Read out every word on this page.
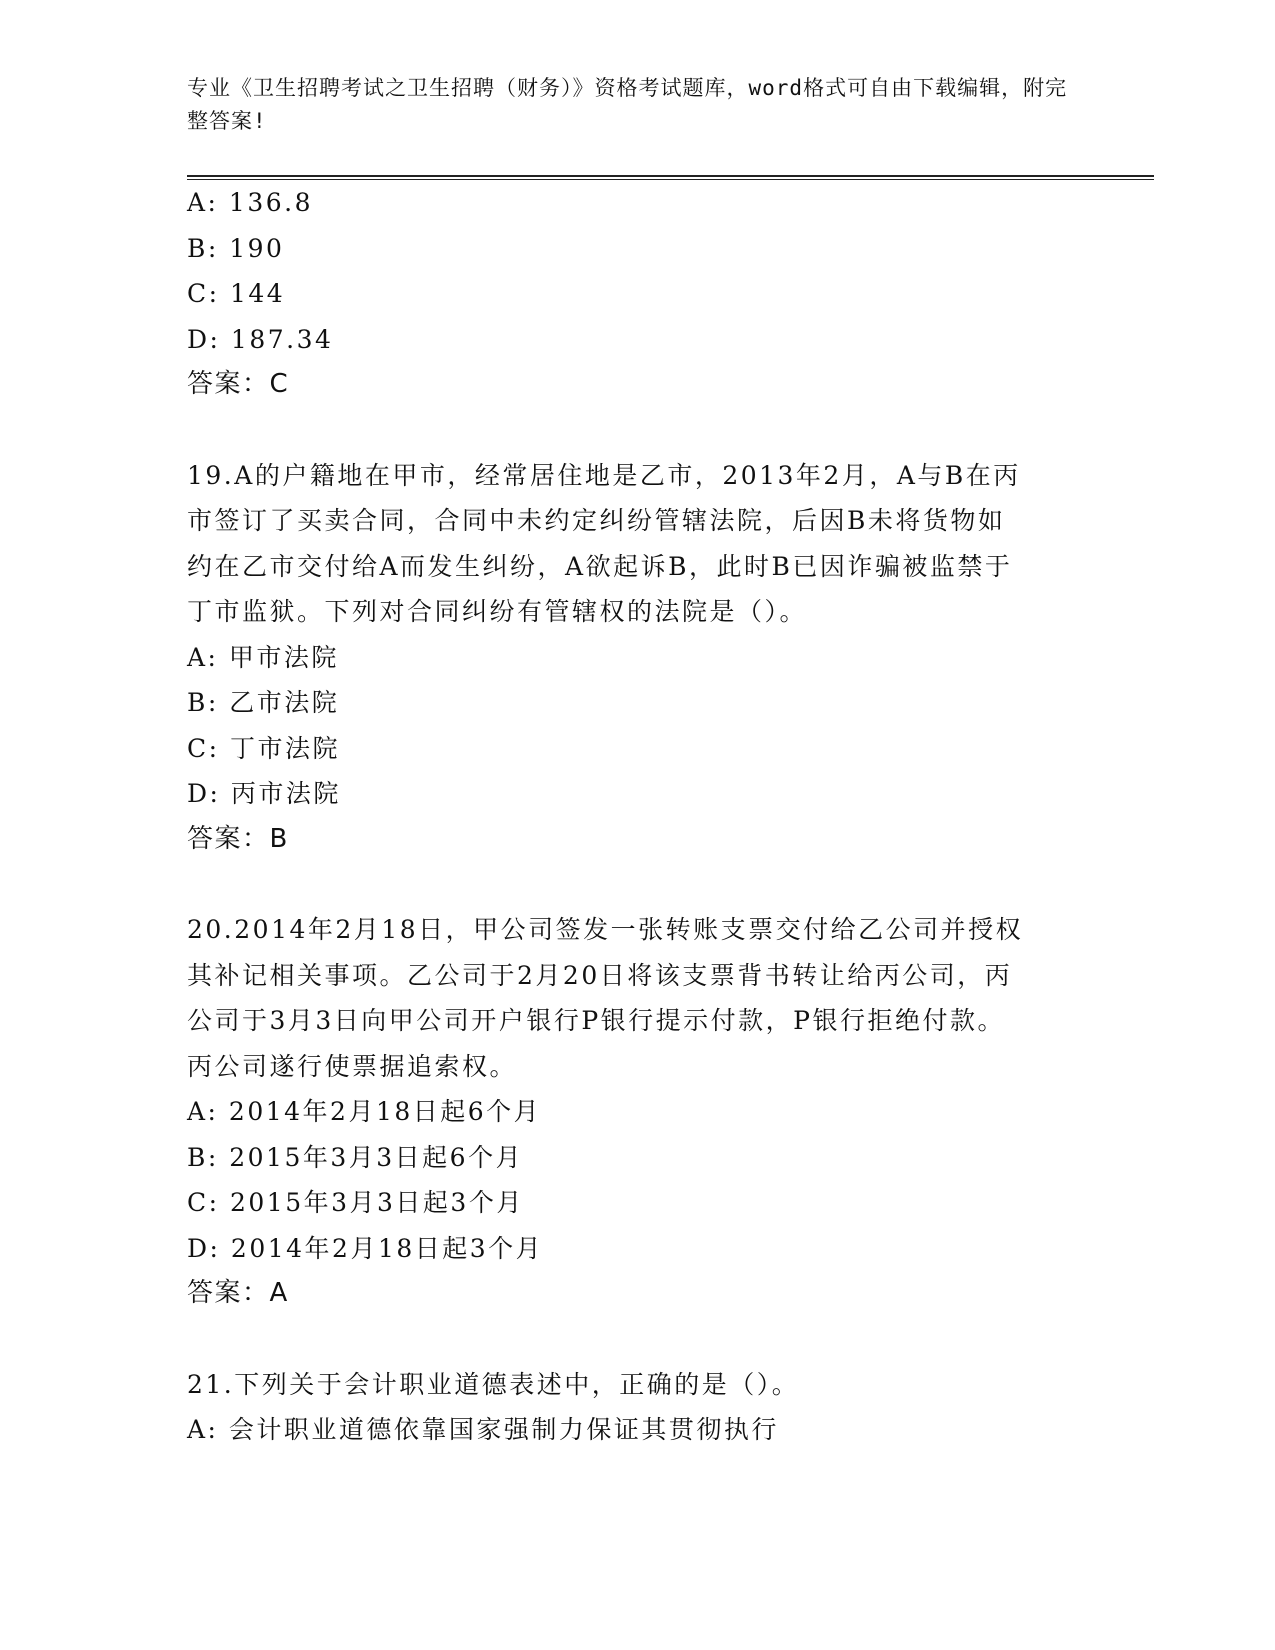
专业《卫生招聘考试之卫生招聘（财务）》资格考试题库，word格式可自由下载编辑，附完整答案!

A: 136.8
B: 190
C: 144
D: 187.34
答案：C
19.A的户籍地在甲市，经常居住地是乙市，2013年2月，A与B在丙
市签订了买卖合同，合同中未约定纠纷管辖法院，后因B未将货物如
约在乙市交付给A而发生纠纷，A欲起诉B，此时B已因诈骗被监禁于
丁市监狱。下列对合同纠纷有管辖权的法院是（）。
A: 甲市法院
B: 乙市法院
C: 丁市法院
D: 丙市法院
答案：B
20.2014年2月18日，甲公司签发一张转账支票交付给乙公司并授权
其补记相关事项。乙公司于2月20日将该支票背书转让给丙公司，丙
公司于3月3日向甲公司开户银行P银行提示付款，P银行拒绝付款。
丙公司遂行使票据追索权。
A: 2014年2月18日起6个月
B: 2015年3月3日起6个月
C: 2015年3月3日起3个月
D: 2014年2月18日起3个月
答案：A
21.下列关于会计职业道德表述中，正确的是（）。
A: 会计职业道德依靠国家强制力保证其贯彻执行
